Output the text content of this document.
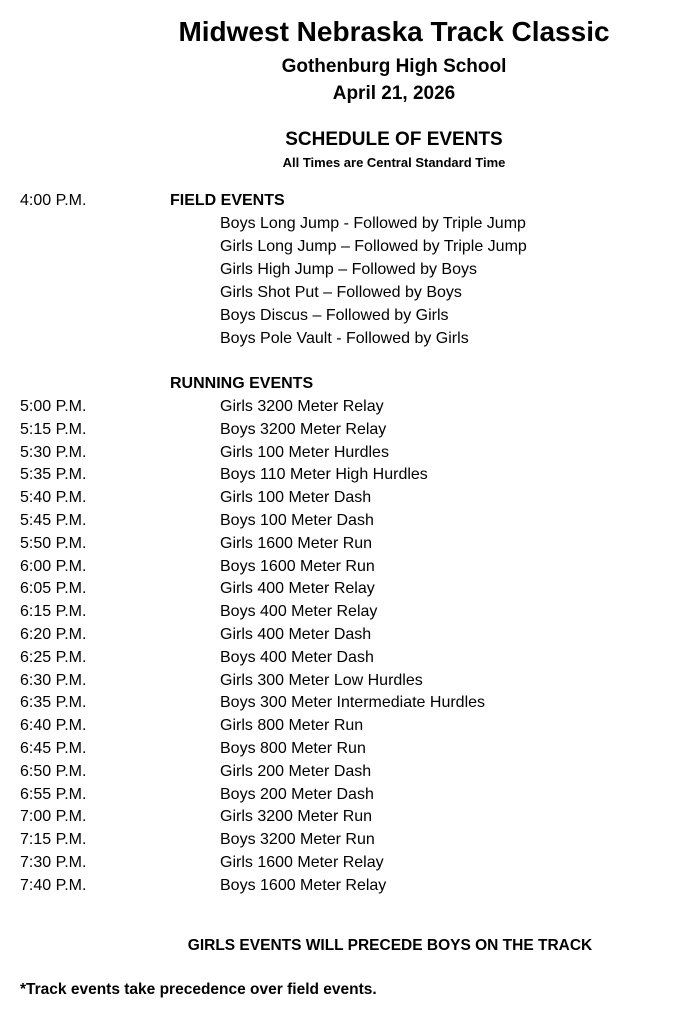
Midwest Nebraska Track Classic
Gothenburg High School
April 21, 2026
SCHEDULE OF EVENTS
All Times are Central Standard Time
4:00 P.M.	FIELD EVENTS
Boys Long Jump - Followed by Triple Jump
Girls Long Jump – Followed by Triple Jump
Girls High Jump – Followed by Boys
Girls Shot Put – Followed by Boys
Boys Discus – Followed by Girls
Boys Pole Vault - Followed by Girls
RUNNING EVENTS
5:00 P.M.	Girls 3200 Meter Relay
5:15 P.M.	Boys 3200 Meter Relay
5:30 P.M.	Girls 100 Meter Hurdles
5:35 P.M.	Boys 110 Meter High Hurdles
5:40 P.M.	Girls 100 Meter Dash
5:45 P.M.	Boys 100 Meter Dash
5:50 P.M.	Girls 1600 Meter Run
6:00 P.M.	Boys 1600 Meter Run
6:05 P.M.	Girls 400 Meter Relay
6:15 P.M.	Boys 400 Meter Relay
6:20 P.M.	Girls 400 Meter Dash
6:25 P.M.	Boys 400 Meter Dash
6:30 P.M.	Girls 300 Meter Low Hurdles
6:35 P.M.	Boys 300 Meter Intermediate Hurdles
6:40 P.M.	Girls 800 Meter Run
6:45 P.M.	Boys 800 Meter Run
6:50 P.M.	Girls 200 Meter Dash
6:55 P.M.	Boys 200 Meter Dash
7:00 P.M.	Girls 3200 Meter Run
7:15 P.M.	Boys 3200 Meter Run
7:30 P.M.	Girls 1600 Meter Relay
7:40 P.M.	Boys 1600 Meter Relay
GIRLS EVENTS WILL PRECEDE BOYS ON THE TRACK
*Track events take precedence over field events.
